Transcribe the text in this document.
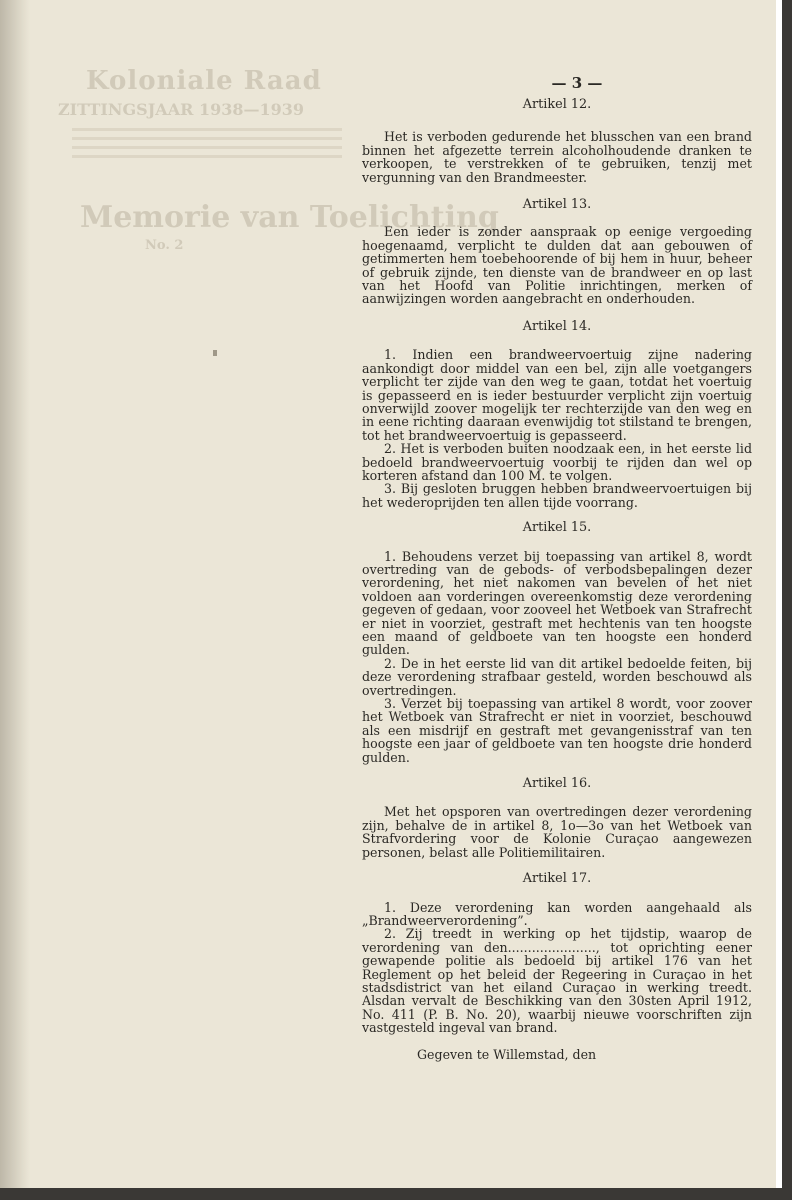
Koloniale Raad
ZITTINGSJAAR 1938—1939
Memorie van Toelichting
No. 2
— 3 —
Artikel 12.

Het is verboden gedurende het blusschen van een brand binnen het afgezette terrein alcoholhoudende dranken te verkoopen, te verstrekken of te gebruiken, tenzij met vergunning van den Brandmeester.

Artikel 13.

Een ieder is zonder aanspraak op eenige vergoeding hoegenaamd, verplicht te dulden dat aan gebouwen of getimmerten hem toebehoorende of bij hem in huur, beheer of gebruik zijnde, ten dienste van de brandweer en op last van het Hoofd van Politie inrichtingen, merken of aanwijzingen worden aangebracht en onderhouden.

Artikel 14.

1. Indien een brandweervoertuig zijne nadering aankondigt door middel van een bel, zijn alle voetgangers verplicht ter zijde van den weg te gaan, totdat het voertuig is gepasseerd en is ieder bestuurder verplicht zijn voertuig onverwijld zoover mogelijk ter rechterzijde van den weg en in eene richting daaraan evenwijdig tot stilstand te brengen, tot het brandweervoertuig is gepasseerd.

2. Het is verboden buiten noodzaak een, in het eerste lid bedoeld brandweervoertuig voorbij te rijden dan wel op korteren afstand dan 100 M. te volgen.

3. Bij gesloten bruggen hebben brandweervoertuigen bij het wederoprijden ten allen tijde voorrang.

Artikel 15.

1. Behoudens verzet bij toepassing van artikel 8, wordt overtreding van de gebods- of verbodsbepalingen dezer verordening, het niet nakomen van bevelen of het niet voldoen aan vorderingen overeenkomstig deze verordening gegeven of gedaan, voor zooveel het Wetboek van Strafrecht er niet in voorziet, gestraft met hechtenis van ten hoogste een maand of geldboete van ten hoogste een honderd gulden.

2. De in het eerste lid van dit artikel bedoelde feiten, bij deze verordening strafbaar gesteld, worden beschouwd als overtredingen.

3. Verzet bij toepassing van artikel 8 wordt, voor zoover het Wetboek van Strafrecht er niet in voorziet, beschouwd als een misdrijf en gestraft met gevangenisstraf van ten hoogste een jaar of geldboete van ten hoogste drie honderd gulden.

Artikel 16.

Met het opsporen van overtredingen dezer verordening zijn, behalve de in artikel 8, 1o—3o van het Wetboek van Strafvordering voor de Kolonie Curaçao aangewezen personen, belast alle Politiemilitairen.

Artikel 17.

1. Deze verordening kan worden aangehaald als „Brandweerverordening”.

2. Zij treedt in werking op het tijdstip, waarop de verordening van den......................, tot oprichting eener gewapende politie als bedoeld bij artikel 176 van het Reglement op het beleid der Regeering in Curaçao in het stadsdistrict van het eiland Curaçao in werking treedt. Alsdan vervalt de Beschikking van den 30sten April 1912, No. 411 (P. B. No. 20), waarbij nieuwe voorschriften zijn vastgesteld ingeval van brand.

Gegeven te Willemstad, den
